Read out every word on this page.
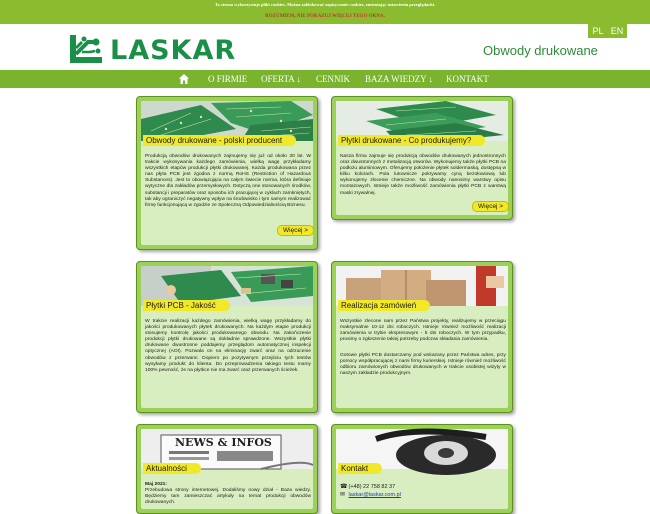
Ta strona wykorzystuje pliki cookies. Można zablokować zapisywanie cookies, zmieniając ustawienia przeglądarki.
ROZUMIEM, NIE POKAZUJ WIĘCEJ TEGO OKNA.
LASKAR	Obwody drukowane
PL EN
O FIRMIE OFERTA ↓ CENNIK BAZA WIEDZY ↓ KONTAKT
Obwody drukowane - polski producent
Produkcją obwodów drukowanych zajmujemy się już od około 30 lat. W trakcie wykonywania każdego zamówienia, wielką wagę przykładamy wszystkich etapów produkcji płytki drukowanej. Każda produkowana przez nas płyta PCB jest zgodna z normą RoHS (Restriction of Hazardous Substances). Jest to obowiązująca na całym świecie norma, która definiuje wytyczne dla zakładów przemysłowych. Dotyczą one stosowanych środków, substancji i preparatów oraz sposobu ich pracującej w cyklach zamkniętych, tak aby ograniczyć negatywny wpływ na środowisko i tym samym realizować firmę funkcjonującą w zgodzie ze Społeczną Odpowiedzialnością Biznesu.
Więcej >
Płytki drukowane - Co produkujemy?
Nasza firma zajmuje się produkcją obwodów drukowanych jednostronnych oraz dwustronnych z metalizacją otworów. Wykonujemy także płytki PCB na podłożu aluminiowym. Oferujemy położenie płytek soldermaską, dostępną w kilku kolorach. Pola lutownicze pokrywamy cyną bezołowiową lub wykonujemy złocenie chemiczne. Na obwody nanosimy warstwy opisu montażowych. Istnieje także możliwość zamówienia płytki PCB z warstwą maski zrywalnej.
Więcej >
Płytki PCB - Jakość
W trakcie realizacji każdego zamówienia, wielką wagę przykładamy do jakości produkowanych płytek drukowanych. Na każdym etapie produkcji stosujemy kontrolę jakości produkowanego obwodu. Na zakończenie produkcji płytki drukowane są dokładnie sprawdzone. Wszystkie płytki drukowane dwustronne poddajemy przeglądom automatycznej inspekcji optycznej (AOI). Pozwala on na eliminację zwarć oraz na odrzucenie obwodów z przerwami. Dopiero po pozytywnym przejściu tych testów wysyłamy produkt do klienta. Do przeprowadzenia takiego testu mamy 100% pewność, że na płytkce nie ma zwarć oraz przerwanych ścieżek.
Realizacja zamówień
Wszystkie zlecone nam przez Państwa projekty, realizujemy w przeciągu maksymalnie 10-12 dni roboczych. Istnieje również możliwość realizacji zamówienia w trybie ekspresowym - 5 dni roboczych. W tym przypadku, prosimy o zgłoszenie takiej potrzeby podczas składania zamówienia.
Gotowe płytki PCB dostarczamy pod wskazany przez Państwa adres, przy pomocy współpracującej z nami firmy kurierskiej. Istnieje również możliwość odbioru zamówionych obwodów drukowanych w trakcie osobistej wizyty w naszym zakładzie produkcyjnym.
NEWS & INFOS
Aktualności
Maj 2021:
Przebudowa strony internetowej. Dodaliśmy nowy dział - Baza wiedzy. Będziemy tam zamieszczać artykuły na temat produkcji obwodów drukowanych.
Kontakt
☎ (+48) 22 758 82 37
✉ laskar@laskar.com.pl
